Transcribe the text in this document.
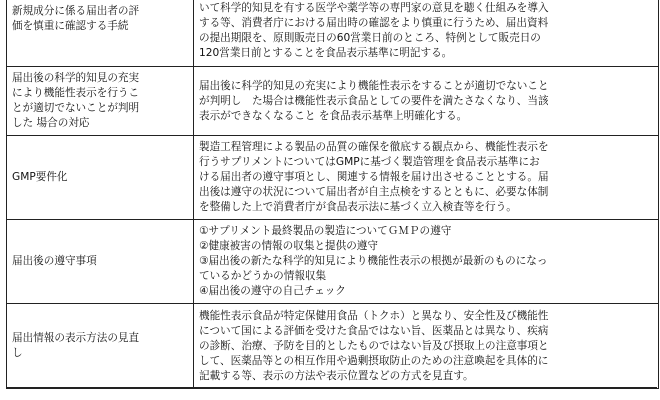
新規成分に係る届出者の評
価を慎重に確認する手続	いて科学的知見を有する医学や薬学等の専門家の意見を聴く仕組みを導入
する等、消費者庁における届出時の確認をより慎重に行うため、届出資料
の提出期限を、原則販売日の60営業日前のところ、特例として販売日の
120営業日前とすることを食品表示基準に明記する。

届出後の科学的知見の充実
により機能性表示を行うこ
とが適切でないことが判明
した 場合の対応	届出後に科学的知見の充実により機能性表示をすることが適切でないこと
が判明し　た場合は機能性表示食品としての要件を満たさなくなり、当該
表示ができなくなること を食品表示基準上明確化する。

GMP要件化	製造工程管理による製品の品質の確保を徹底する観点から、機能性表示を
行うサプリメントについてはGMPに基づく製造管理を食品表示基準にお
ける届出者の遵守事項とし、関連する情報を届け出させることとする。届
出後は遵守の状況について届出者が自主点検をするとともに、必要な体制
を整備した上で消費者庁が食品表示法に基づく立入検査等を行う。

届出後の遵守事項	①サプリメント最終製品の製造についてＧＭＰの遵守
②健康被害の情報の収集と提供の遵守
③届出後の新たな科学的知見により機能性表示の根拠が最新のものになっ
ているかどうかの情報収集
④届出後の遵守の自己チェック

届出情報の表示方法の見直
し	機能性表示食品が特定保健用食品（トクホ）と異なり、安全性及び機能性
について国による評価を受けた食品ではない旨、医薬品とは異なり、疾病
の診断、治療、予防を目的としたものではない旨及び摂取上の注意事項と
して、医薬品等との相互作用や過剰摂取防止のための注意喚起を具体的に
記載する等、表示の方法や表示位置などの方式を見直す。
